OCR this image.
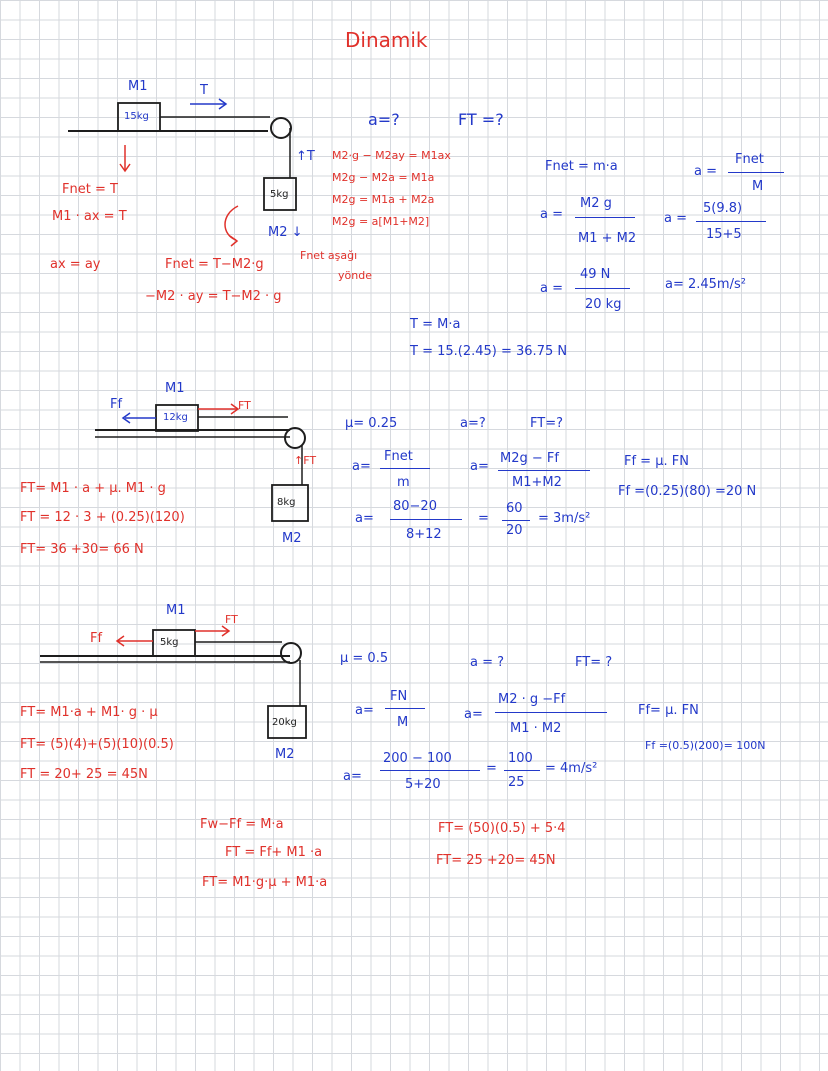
Dinamik
M1
15kg
T
5kg
↑T
M2 ↓
a=?	FT =?
Fnet = T
M1 · ax = T
ax = ay	Fnet = T−M2·g
−M2 · ay = T−M2 · g
M2·g − M2ay = M1ax
M2g − M2a = M1a
M2g = M1a + M2a
M2g = a[M1+M2]
Fnet aşağı
yönde
Fnet = m·a
a =
M2 g
M1 + M2
a =
49 N
20 kg
a =
Fnet
M
a =
5(9.8)
15+5
a= 2.45m/s²
T = M·a
T = 15.(2.45) = 36.75 N
Ff	FT
M1
12kg
↑FT
8kg
M2
μ= 0.25	a=?	FT=?
a=
Fnet
m
a=
M2g − Ff
M1+M2
Ff = μ. FN
Ff =(0.25)(80) =20 N
a=
80−20
8+12
=
60
20
= 3m/s²
FT= M1 · a + μ. M1 · g
FT = 12 · 3 + (0.25)(120)
FT= 36 +30= 66 N
Ff
FT
M1
5kg
20kg
M2
μ = 0.5	a = ?	FT= ?
a=
FN
M
a=
M2 · g −Ff
M1 · M2
Ff= μ. FN
Ff =(0.5)(200)= 100N
a=
200 − 100
5+20
=
100
25
= 4m/s²
FT= M1·a + M1· g · μ
FT= (5)(4)+(5)(10)(0.5)
FT = 20+ 25 = 45N
Fw−Ff = M·a
FT = Ff+ M1 ·a
FT= M1·g·μ + M1·a
FT= (50)(0.5) + 5·4
FT= 25 +20= 45N
